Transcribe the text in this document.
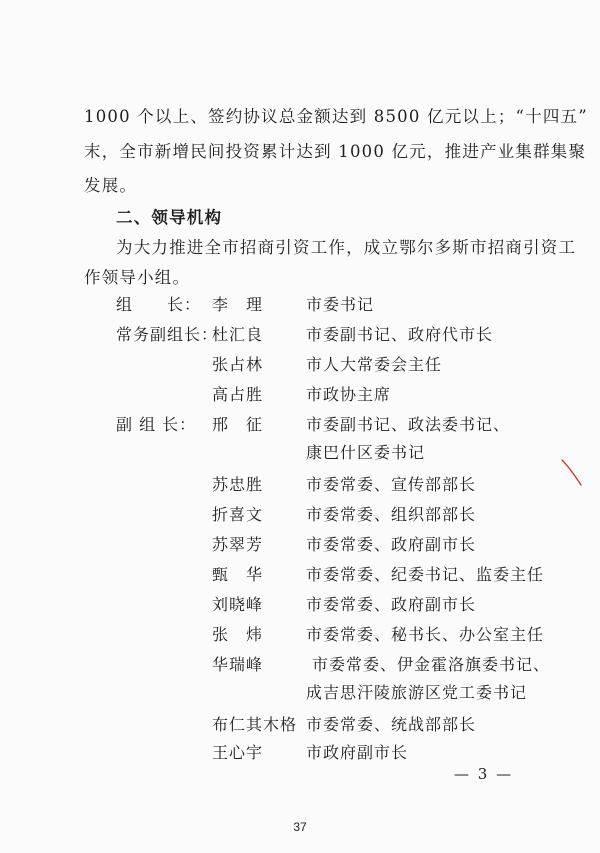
1000 个以上、签约协议总金额达到 8500 亿元以上；“十四五”
末，全市新增民间投资累计达到 1000 亿元，推进产业集群集聚
发展。
二、领导机构
为大力推进全市招商引资工作，成立鄂尔多斯市招商引资工
作领导小组。
组　　长： 李　理	市委书记
常务副组长：
杜汇良	市委副书记、政府代市长
张占林	市人大常委会主任
高占胜	市政协主席
副 组 长： 邢　征	市委副书记、政法委书记、
康巴什区委书记
苏忠胜	市委常委、宣传部部长
折喜文	市委常委、组织部部长
苏翠芳	市委常委、政府副市长
甄　华	市委常委、纪委书记、监委主任
刘晓峰	市委常委、政府副市长
张　炜	市委常委、秘书长、办公室主任
华瑞峰	市委常委、伊金霍洛旗委书记、
成吉思汗陵旅游区党工委书记
布仁其木格 市委常委、统战部部长
王心宇	市政府副市长
— 3 —
37
